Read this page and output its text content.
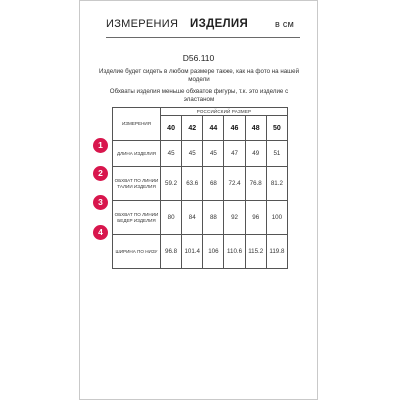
ИЗМЕРЕНИЯ ИЗДЕЛИЯ	в см
D56.110
Изделие будет сидеть в любом размере также, как на фото на нашей модели
Обхваты изделия меньше обхватов фигуры, т.к. это изделие с эластаном
ИЗМЕРЕНИЯ	РОССИЙСКИЙ РАЗМЕР					
	40	42	44	46	48	50
ДЛИНА ИЗДЕЛИЯ	45	45	45	47	49	51
ОБХВАТ ПО ЛИНИИ ТАЛИИ ИЗДЕЛИЯ	59.2	63.6	68	72.4	76.8	81.2
ОБХВАТ ПО ЛИНИИ БЕДЕР ИЗДЕЛИЯ	80	84	88	92	96	100
ШИРИНА ПО НИЗУ	96.8	101.4	106	110.6	115.2	119.8
1
2
3
4
